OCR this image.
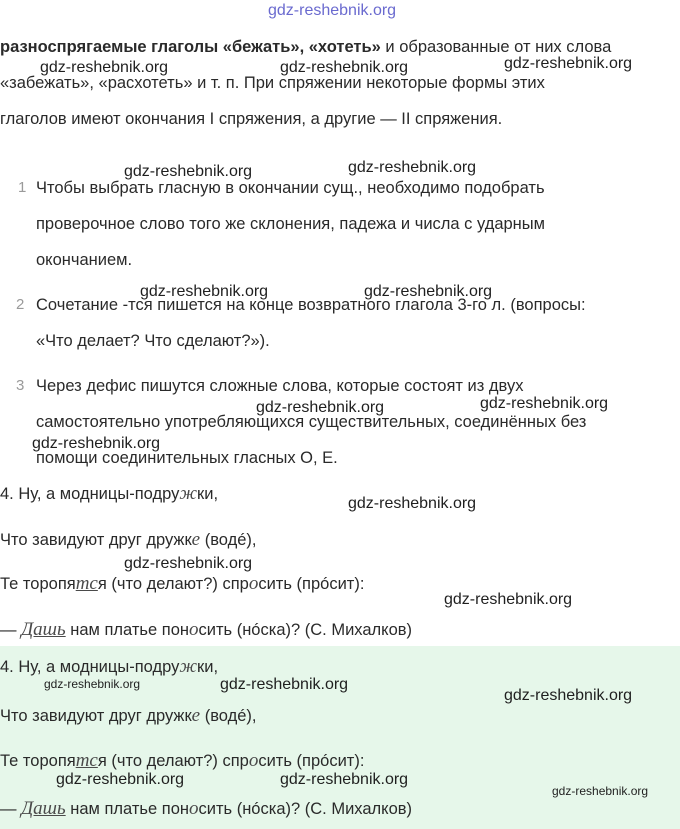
gdz-reshebnik.org
разноспрягаемые глаголы «бежать», «хотеть» и образованные от них слова
«забежать», «расхотеть» и т. п. При спряжении некоторые формы этих
глаголов имеют окончания I спряжения, а другие — II спряжения.
1 Чтобы выбрать гласную в окончании сущ., необходимо подобрать
проверочное слово того же склонения, падежа и числа с ударным
окончанием.
2 Сочетание -тся пишется на конце возвратного глагола 3-го л. (вопросы:
«Что делает? Что сделают?»).
3 Через дефис пишутся сложные слова, которые состоят из двух
самостоятельно употребляющихся существительных, соединённых без
помощи соединительных гласных О, Е.
4. Ну, а модницы-подружки,
Что завидуют друг дружке (водé),
Те торопятся (что делают?) спросить (прóсит):
— Дашь нам платье поносить (нóска)? (С. Михалков)
4. Ну, а модницы-подружки,
Что завидуют друг дружке (водé),
Те торопятся (что делают?) спросить (прóсит):
— Дашь нам платье поносить (нóска)? (С. Михалков)
gdz-reshebnik.org	gdz-reshebnik.org	gdz-reshebnik.org
gdz-reshebnik.org	gdz-reshebnik.org
gdz-reshebnik.org	gdz-reshebnik.org
gdz-reshebnik.org	gdz-reshebnik.org
gdz-reshebnik.org
gdz-reshebnik.org
gdz-reshebnik.org
gdz-reshebnik.org
gdz-reshebnik.org	gdz-reshebnik.org
gdz-reshebnik.org
gdz-reshebnik.org	gdz-reshebnik.org
gdz-reshebnik.org
